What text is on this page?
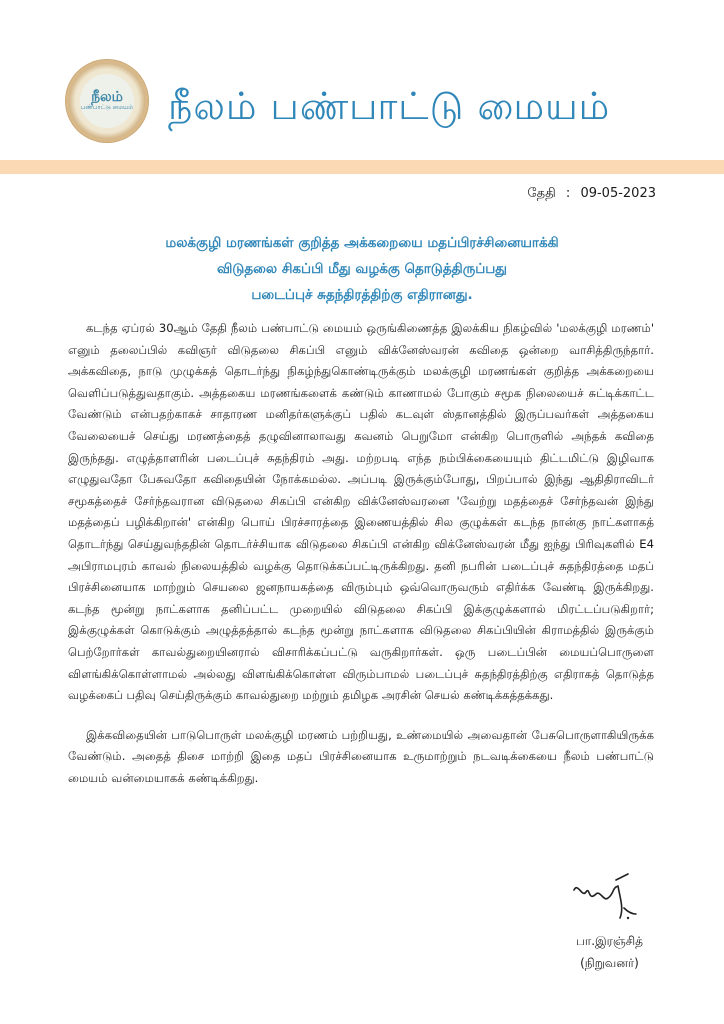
நீலம்
பண்பாட்டு மையம் நீலம் பண்பாட்டு மையம்
தேதி : 09-05-2023
மலக்குழி மரணங்கள் குறித்த அக்கறையை மதப்பிரச்சினையாக்கி
விடுதலை சிகப்பி மீது வழக்கு தொடுத்திருப்பது
படைப்புச் சுதந்திரத்திற்கு எதிரானது.
கடந்த ஏப்ரல் 30ஆம் தேதி நீலம் பண்பாட்டு மையம் ஒருங்கிணைத்த இலக்கிய நிகழ்வில் 'மலக்குழி மரணம்' எனும் தலைப்பில் கவிஞர் விடுதலை சிகப்பி எனும் விக்னேஸ்வரன் கவிதை ஒன்றை வாசித்திருந்தார். அக்கவிதை, நாடு முழுக்கத் தொடர்ந்து நிகழ்ந்துகொண்டிருக்கும் மலக்குழி மரணங்கள் குறித்த அக்கறையை வெளிப்படுத்துவதாகும். அத்தகைய மரணங்களைக் கண்டும் காணாமல் போகும் சமூக நிலையைச் சுட்டிக்காட்ட வேண்டும் என்பதற்காகச் சாதாரண மனிதர்களுக்குப் பதில் கடவுள் ஸ்தானத்தில் இருப்பவர்கள் அத்தகைய வேலையைச் செய்து மரணத்தைத் தழுவினாலாவது கவனம் பெறுமோ என்கிற பொருளில் அந்தக் கவிதை இருந்தது. எழுத்தாளரின் படைப்புச் சுதந்திரம் அது. மற்றபடி எந்த நம்பிக்கையையும் திட்டமிட்டு இழிவாக எழுதுவதோ பேசுவதோ கவிதையின் நோக்கமல்ல. அப்படி இருக்கும்போது, பிறப்பால் இந்து ஆதிதிராவிடர் சமூகத்தைச் சேர்ந்தவரான விடுதலை சிகப்பி என்கிற விக்னேஸ்வரனை 'வேற்று மதத்தைச் சேர்ந்தவன் இந்து மதத்தைப் பழிக்கிறான்' என்கிற பொய் பிரச்சாரத்தை இணையத்தில் சில குழுக்கள் கடந்த நான்கு நாட்களாகத் தொடர்ந்து செய்துவந்ததின் தொடர்ச்சியாக விடுதலை சிகப்பி என்கிற விக்னேஸ்வரன் மீது ஐந்து பிரிவுகளில் E4 அபிராமபுரம் காவல் நிலையத்தில் வழக்கு தொடுக்கப்பட்டிருக்கிறது. தனி நபரின் படைப்புச் சுதந்திரத்தை மதப் பிரச்சினையாக மாற்றும் செயலை ஜனநாயகத்தை விரும்பும் ஒவ்வொருவரும் எதிர்க்க வேண்டி இருக்கிறது. கடந்த மூன்று நாட்களாக தனிப்பட்ட முறையில் விடுதலை சிகப்பி இக்குழுக்களால் மிரட்டப்படுகிறார்; இக்குழுக்கள் கொடுக்கும் அழுத்தத்தால் கடந்த மூன்று நாட்களாக விடுதலை சிகப்பியின் கிராமத்தில் இருக்கும் பெற்றோர்கள் காவல்துறையினரால் விசாரிக்கப்பட்டு வருகிறார்கள். ஒரு படைப்பின் மையப்பொருளை விளங்கிக்கொள்ளாமல் அல்லது விளங்கிக்கொள்ள விரும்பாமல் படைப்புச் சுதந்திரத்திற்கு எதிராகத் தொடுத்த வழக்கைப் பதிவு செய்திருக்கும் காவல்துறை மற்றும் தமிழக அரசின் செயல் கண்டிக்கத்தக்கது.
இக்கவிதையின் பாடுபொருள் மலக்குழி மரணம் பற்றியது, உண்மையில் அவைதான் பேசுபொருளாகியிருக்க வேண்டும். அதைத் திசை மாற்றி இதை மதப் பிரச்சினையாக உருமாற்றும் நடவடிக்கையை நீலம் பண்பாட்டு மையம் வன்மையாகக் கண்டிக்கிறது.
பா.இரஞ்சித்
(நிறுவனர்)
